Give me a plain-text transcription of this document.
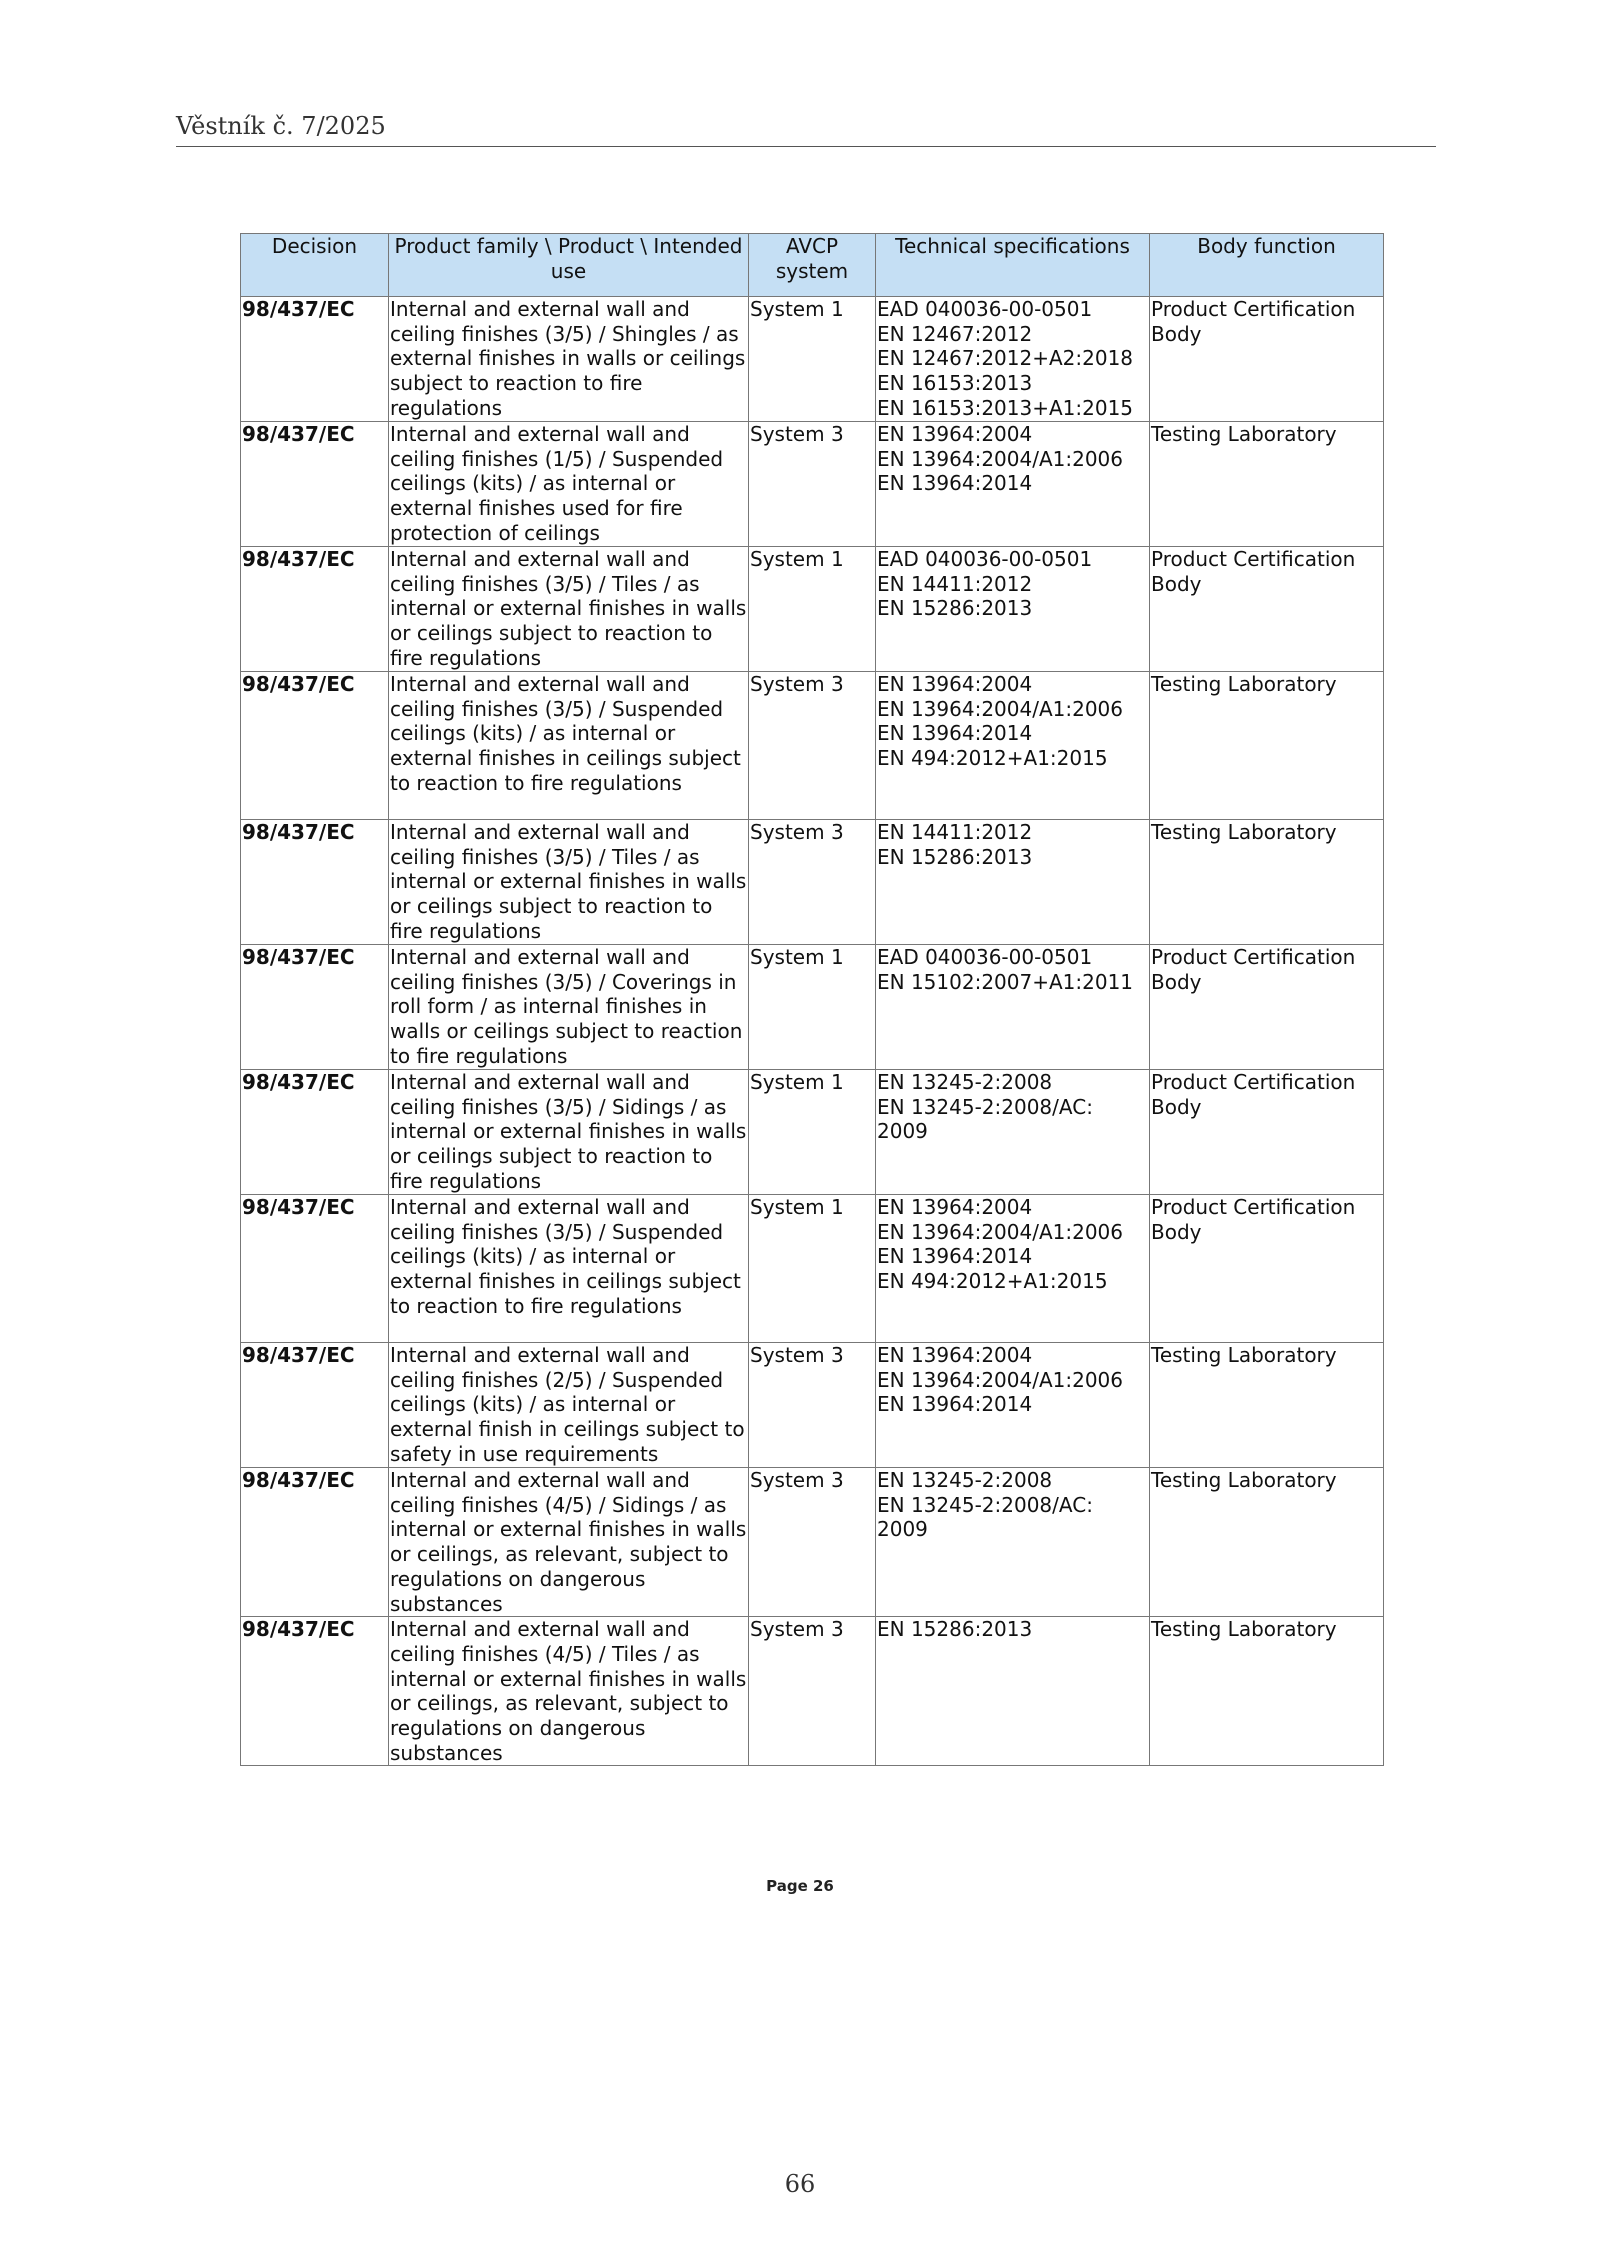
Věstník č. 7/2025
Decision	Product family \ Product \ Intended use	AVCP system	Technical specifications	Body function
98/437/EC	Internal and external wall and ceiling finishes (3/5) / Shingles / as external finishes in walls or ceilings subject to reaction to fire regulations	System 1	EAD 040036-00-0501
EN 12467:2012
EN 12467:2012+A2:2018
EN 16153:2013
EN 16153:2013+A1:2015	Product Certification Body
98/437/EC	Internal and external wall and ceiling finishes (1/5) / Suspended ceilings (kits) / as internal or external finishes used for fire protection of ceilings	System 3	EN 13964:2004
EN 13964:2004/A1:2006
EN 13964:2014	Testing Laboratory
98/437/EC	Internal and external wall and ceiling finishes (3/5) / Tiles / as internal or external finishes in walls or ceilings subject to reaction to fire regulations	System 1	EAD 040036-00-0501
EN 14411:2012
EN 15286:2013	Product Certification Body
98/437/EC	Internal and external wall and ceiling finishes (3/5) / Suspended ceilings (kits) / as internal or external finishes in ceilings subject to reaction to fire regulations	System 3	EN 13964:2004
EN 13964:2004/A1:2006
EN 13964:2014
EN 494:2012+A1:2015	Testing Laboratory
98/437/EC	Internal and external wall and ceiling finishes (3/5) / Tiles / as internal or external finishes in walls or ceilings subject to reaction to fire regulations	System 3	EN 14411:2012
EN 15286:2013	Testing Laboratory
98/437/EC	Internal and external wall and ceiling finishes (3/5) / Coverings in roll form / as internal finishes in walls or ceilings subject to reaction to fire regulations	System 1	EAD 040036-00-0501
EN 15102:2007+A1:2011	Product Certification Body
98/437/EC	Internal and external wall and ceiling finishes (3/5) / Sidings / as internal or external finishes in walls or ceilings subject to reaction to fire regulations	System 1	EN 13245-2:2008
EN 13245-2:2008/AC:
2009	Product Certification Body
98/437/EC	Internal and external wall and ceiling finishes (3/5) / Suspended ceilings (kits) / as internal or external finishes in ceilings subject to reaction to fire regulations	System 1	EN 13964:2004
EN 13964:2004/A1:2006
EN 13964:2014
EN 494:2012+A1:2015	Product Certification Body
98/437/EC	Internal and external wall and ceiling finishes (2/5) / Suspended ceilings (kits) / as internal or external finish in ceilings subject to safety in use requirements	System 3	EN 13964:2004
EN 13964:2004/A1:2006
EN 13964:2014	Testing Laboratory
98/437/EC	Internal and external wall and ceiling finishes (4/5) / Sidings / as internal or external finishes in walls or ceilings, as relevant, subject to regulations on dangerous substances	System 3	EN 13245-2:2008
EN 13245-2:2008/AC:
2009	Testing Laboratory
98/437/EC	Internal and external wall and ceiling finishes (4/5) / Tiles / as internal or external finishes in walls or ceilings, as relevant, subject to regulations on dangerous substances	System 3	EN 15286:2013	Testing Laboratory
Page 26
66
